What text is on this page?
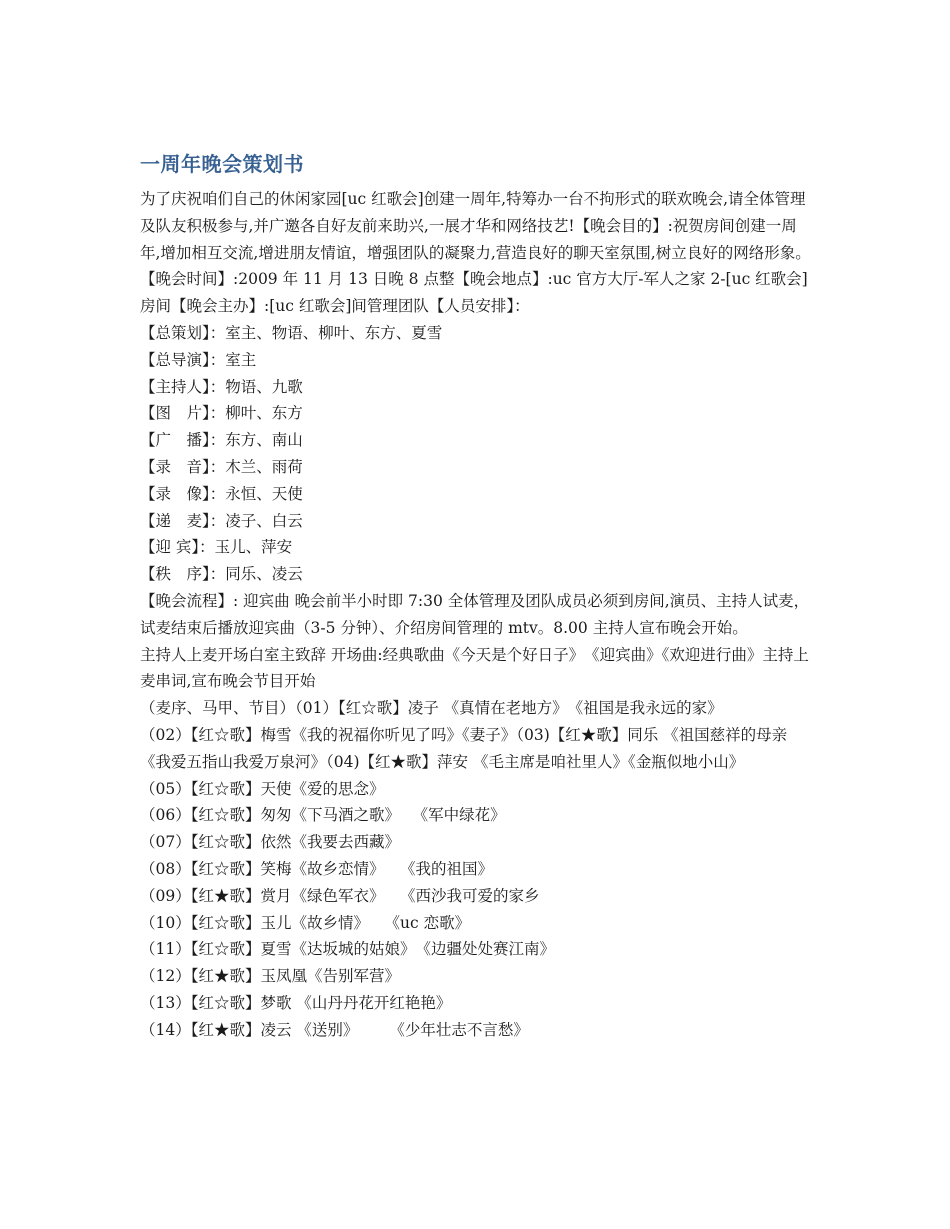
一周年晚会策划书

为了庆祝咱们自己的休闲家园[uc 红歌会]创建一周年,特筹办一台不拘形式的联欢晚会,请全体管理及队友积极参与,并广邀各自好友前来助兴,一展才华和网络技艺!【晚会目的】:祝贺房间创建一周年,增加相互交流,增进朋友情谊，增强团队的凝聚力,营造良好的聊天室氛围,树立良好的网络形象。

【晚会时间】:2009 年 11 月 13 日晚 8 点整【晚会地点】:uc 官方大厅-军人之家 2-[uc 红歌会]房间【晚会主办】:[uc 红歌会]间管理团队【人员安排】：

【总策划】：室主、物语、柳叶、东方、夏雪

【总导演】：室主

【主持人】：物语、九歌

【图　片】：柳叶、东方

【广　播】：东方、南山

【录　音】：木兰、雨荷

【录　像】：永恒、天使

【递　麦】：凌子、白云

【迎 宾】：玉儿、萍安

【秩　序】：同乐、凌云

【晚会流程】: 迎宾曲 晚会前半小时即 7:30 全体管理及团队成员必须到房间,演员、主持人试麦，试麦结束后播放迎宾曲（3-5 分钟）、介绍房间管理的 mtv。8.00 主持人宣布晚会开始。

主持人上麦开场白室主致辞 开场曲:经典歌曲《今天是个好日子》　《迎宾曲》《欢迎进行曲》主持上麦串词,宣布晚会节目开始

（麦序、马甲、节目）（01）【红☆歌】凌子 《真情在老地方》　《祖国是我永远的家》

（02）【红☆歌】梅雪《我的祝福你听见了吗》《妻子》（03)【红★歌】同乐 《祖国慈祥的母亲《我爱五指山我爱万泉河》（04)【红★歌】萍安 《毛主席是咱社里人》《金瓶似地小山》

（05）【红☆歌】天使《爱的思念》

（06）【红☆歌】匆匆《下马酒之歌》　 《军中绿花》

（07）【红☆歌】依然《我要去西藏》

（08）【红☆歌】笑梅《故乡恋情》　　《我的祖国》

（09）【红★歌】赏月《绿色军衣》　　《西沙我可爱的家乡

（10）【红☆歌】玉儿《故乡情》　　《uc 恋歌》

（11）【红☆歌】夏雪《达坂城的姑娘》　《边疆处处赛江南》

（12）【红★歌】玉凤凰《告别军营》

（13）【红☆歌】梦歌 《山丹丹花开红艳艳》

（14）【红★歌】凌云 《送别》　　　《少年壮志不言愁》
